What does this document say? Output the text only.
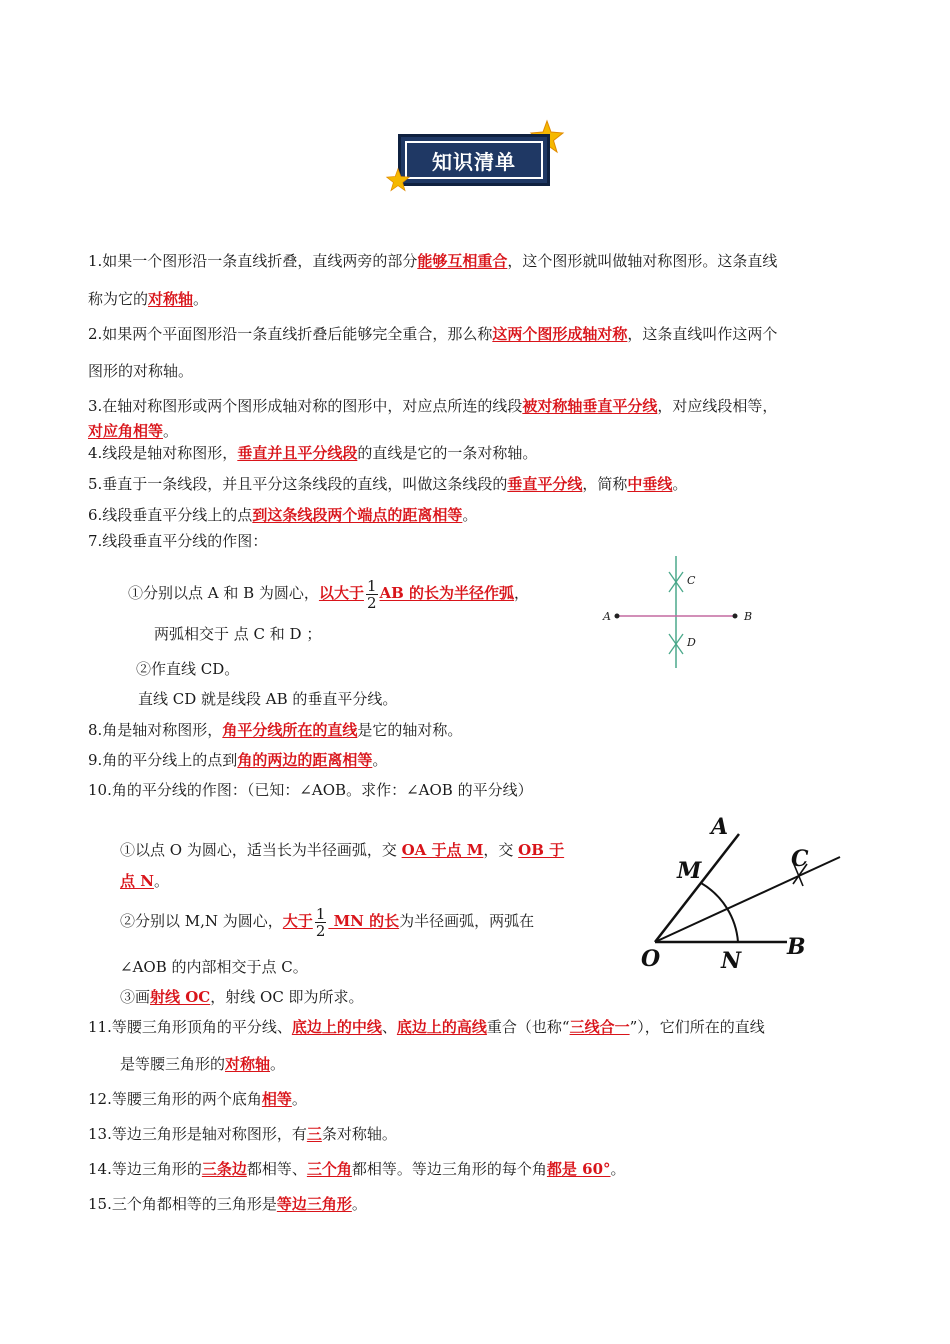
知识清单
1.如果一个图形沿一条直线折叠，直线两旁的部分能够互相重合，这个图形就叫做轴对称图形。这条直线
称为它的对称轴。
2.如果两个平面图形沿一条直线折叠后能够完全重合，那么称这两个图形成轴对称，这条直线叫作这两个
图形的对称轴。
3.在轴对称图形或两个图形成轴对称的图形中，对应点所连的线段被对称轴垂直平分线，对应线段相等，
对应角相等。
4.线段是轴对称图形，垂直并且平分线段的直线是它的一条对称轴。
5.垂直于一条线段，并且平分这条线段的直线，叫做这条线段的垂直平分线，简称中垂线。
6.线段垂直平分线上的点到这条线段两个端点的距离相等。
7.线段垂直平分线的作图：
①分别以点 A 和 B 为圆心，以大于 $\frac{1}{2}$ AB 的长为半径作弧，
两弧相交于 点 C 和 D ；
②作直线 CD。
直线 CD 就是线段 AB 的垂直平分线。
A	B
C
D
8.角是轴对称图形，角平分线所在的直线是它的轴对称。
9.角的平分线上的点到角的两边的距离相等。
10.角的平分线的作图：（已知：∠AOB。求作：∠AOB 的平分线）
①以点 O 为圆心，适当长为半径画弧，交 OA 于点 M，交 OB 于
点 N。
②分别以 M,N 为圆心，大于 $\frac{1}{2}$ MN 的长为半径画弧，两弧在
∠AOB 的内部相交于点 C。
③画射线 OC，射线 OC 即为所求。
A
M	C
O	N
B
11.等腰三角形顶角的平分线、底边上的中线、底边上的高线重合（也称“三线合一”），它们所在的直线
是等腰三角形的对称轴。
12.等腰三角形的两个底角相等。
13.等边三角形是轴对称图形，有三条对称轴。
14.等边三角形的三条边都相等、三个角都相等。等边三角形的每个角都是 60°。
15.三个角都相等的三角形是等边三角形。
